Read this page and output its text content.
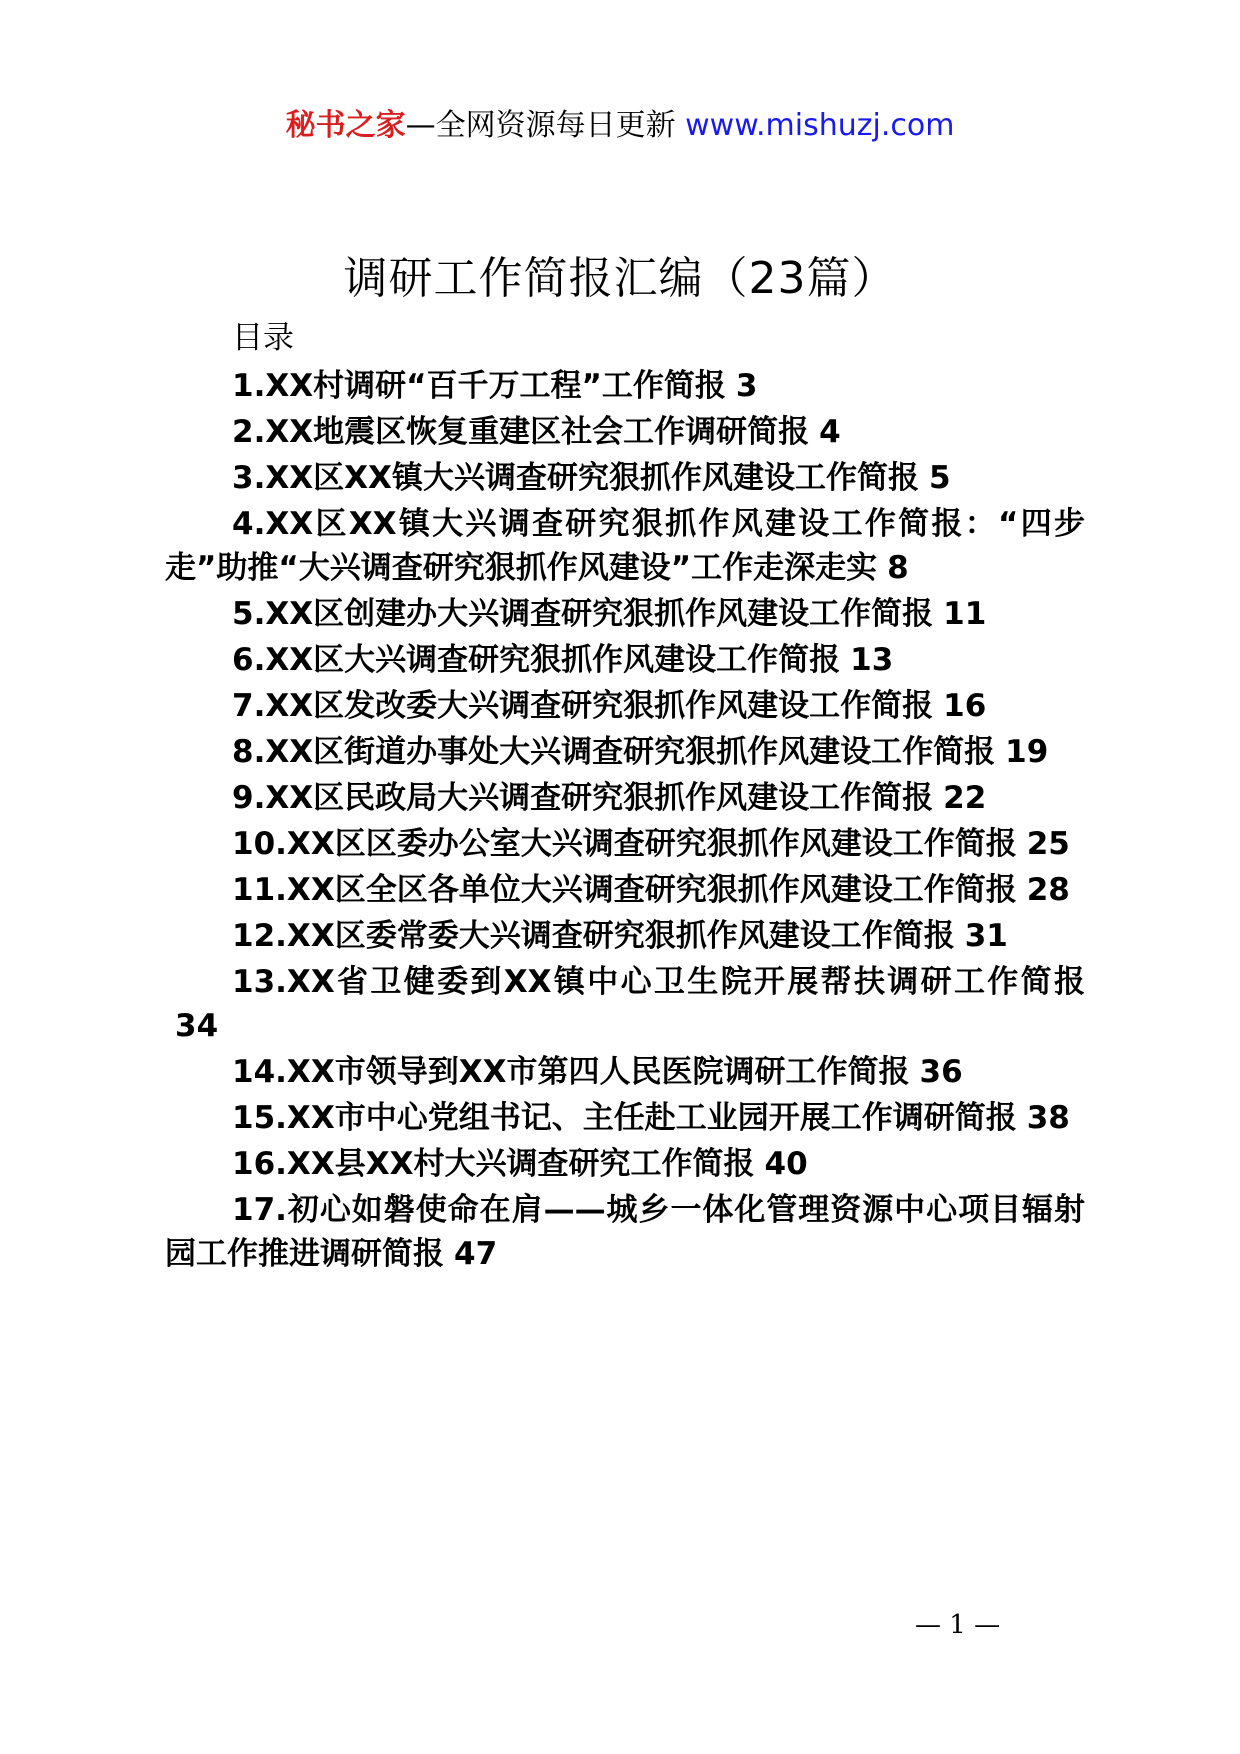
秘书之家—全网资源每日更新 www.mishuzj.com
调研工作简报汇编（23篇）
目录
1.XX村调研“百千万工程”工作简报 3
2.XX地震区恢复重建区社会工作调研简报 4
3.XX区XX镇大兴调查研究狠抓作风建设工作简报 5
4.XX区XX镇大兴调查研究狠抓作风建设工作简报：“四步走”助推“大兴调查研究狠抓作风建设”工作走深走实 8
5.XX区创建办大兴调查研究狠抓作风建设工作简报 11
6.XX区大兴调查研究狠抓作风建设工作简报 13
7.XX区发改委大兴调查研究狠抓作风建设工作简报 16
8.XX区街道办事处大兴调查研究狠抓作风建设工作简报 19
9.XX区民政局大兴调查研究狠抓作风建设工作简报 22
10.XX区区委办公室大兴调查研究狠抓作风建设工作简报 25
11.XX区全区各单位大兴调查研究狠抓作风建设工作简报 28
12.XX区委常委大兴调查研究狠抓作风建设工作简报 31
13.XX省卫健委到XX镇中心卫生院开展帮扶调研工作简报34
14.XX市领导到XX市第四人民医院调研工作简报 36
15.XX市中心党组书记、主任赴工业园开展工作调研简报 38
16.XX县XX村大兴调查研究工作简报 40
17.初心如磐使命在肩——城乡一体化管理资源中心项目辐射园工作推进调研简报 47
— 1 —
